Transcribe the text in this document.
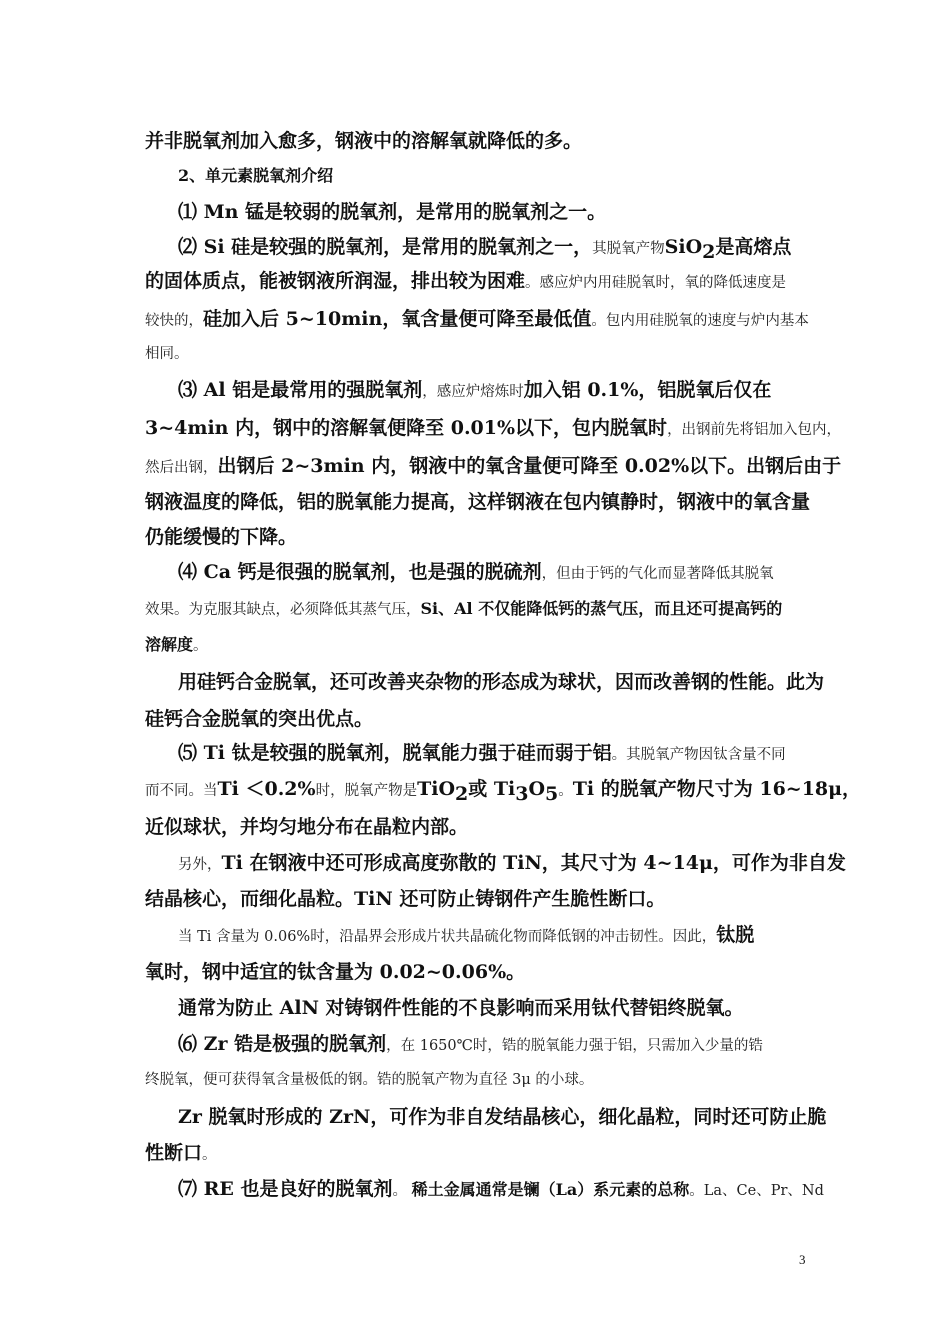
并非脱氧剂加入愈多，钢液中的溶解氧就降低的多。
2、单元素脱氧剂介绍
⑴ Mn 锰是较弱的脱氧剂，是常用的脱氧剂之一。
⑵ Si 硅是较强的脱氧剂，是常用的脱氧剂之一，其脱氧产物SiO$_2$是高熔点
的固体质点，能被钢液所润湿，排出较为困难。感应炉内用硅脱氧时，氧的降低速度是
较快的，硅加入后 5~10min，氧含量便可降至最低值。包内用硅脱氧的速度与炉内基本
相同。
⑶ Al 铝是最常用的强脱氧剂，感应炉熔炼时加入铝 0.1%，铝脱氧后仅在
3~4min 内，钢中的溶解氧便降至 0.01%以下，包内脱氧时，出钢前先将铝加入包内，
然后出钢，出钢后 2~3min 内，钢液中的氧含量便可降至 0.02%以下。出钢后由于
钢液温度的降低，铝的脱氧能力提高，这样钢液在包内镇静时，钢液中的氧含量
仍能缓慢的下降。
⑷ Ca 钙是很强的脱氧剂，也是强的脱硫剂，但由于钙的气化而显著降低其脱氧
效果。为克服其缺点，必须降低其蒸气压，Si、Al 不仅能降低钙的蒸气压，而且还可提高钙的
溶解度。
用硅钙合金脱氧，还可改善夹杂物的形态成为球状，因而改善钢的性能。此为
硅钙合金脱氧的突出优点。
⑸ Ti 钛是较强的脱氧剂，脱氧能力强于硅而弱于铝。其脱氧产物因钛含量不同
而不同。当Ti ＜0.2%时，脱氧产物是TiO$_2$或 $Ti_3O_5$。Ti 的脱氧产物尺寸为 16~18μ，
近似球状，并均匀地分布在晶粒内部。
另外，Ti 在钢液中还可形成高度弥散的 TiN，其尺寸为 4~14μ，可作为非自发
结晶核心，而细化晶粒。TiN 还可防止铸钢件产生脆性断口。
当 Ti 含量为 0.06%时，沿晶界会形成片状共晶硫化物而降低钢的冲击韧性。因此，钛脱
氧时，钢中适宜的钛含量为 0.02~0.06%。
通常为防止 AlN 对铸钢件性能的不良影响而采用钛代替铝终脱氧。
⑹ Zr 锆是极强的脱氧剂，在 1650℃时，锆的脱氧能力强于铝，只需加入少量的锆
终脱氧，便可获得氧含量极低的钢。锆的脱氧产物为直径 3μ 的小球。
Zr 脱氧时形成的 ZrN，可作为非自发结晶核心，细化晶粒，同时还可防止脆
性断口。
⑺ RE 也是良好的脱氧剂。 稀土金属通常是镧（La）系元素的总称。La、Ce、Pr、Nd
3
